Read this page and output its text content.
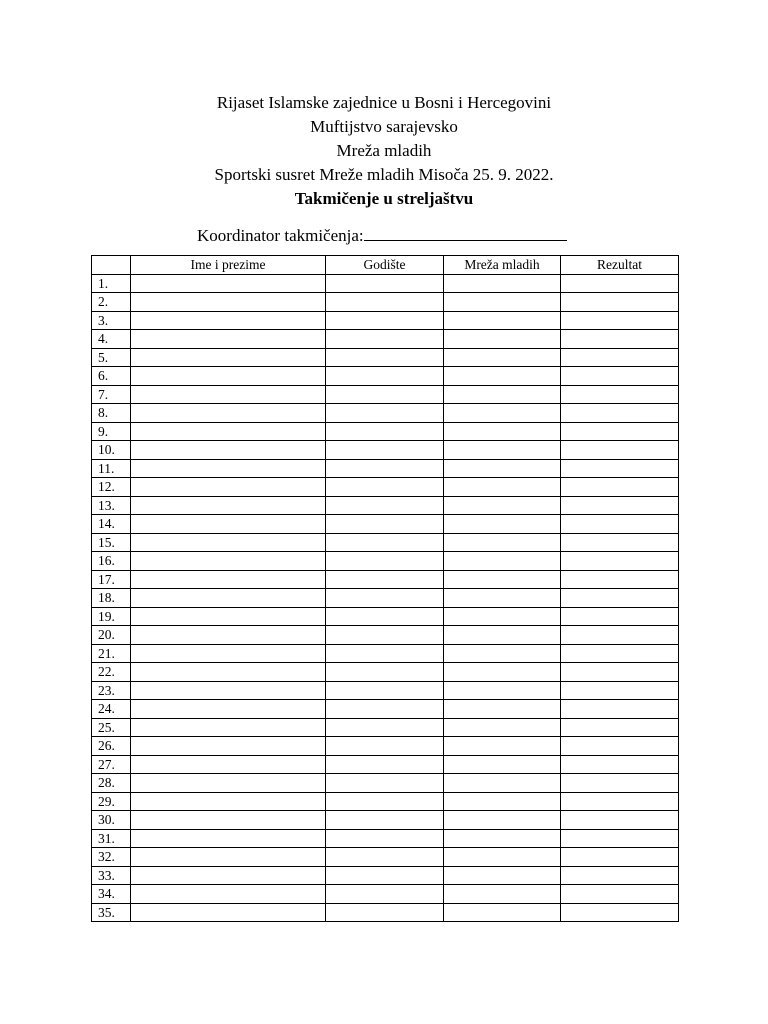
Rijaset Islamske zajednice u Bosni i Hercegovini
Muftijstvo sarajevsko
Mreža mladih
Sportski susret Mreže mladih Misoča 25. 9. 2022.
Takmičenje u streljaštvu
Koordinator takmičenja:
	Ime i prezime	Godište	Mreža mladih	Rezultat
1.				
2.				
3.				
4.				
5.				
6.				
7.				
8.				
9.				
10.				
11.				
12.				
13.				
14.				
15.				
16.				
17.				
18.				
19.				
20.				
21.				
22.				
23.				
24.				
25.				
26.				
27.				
28.				
29.				
30.				
31.				
32.				
33.				
34.				
35.				
